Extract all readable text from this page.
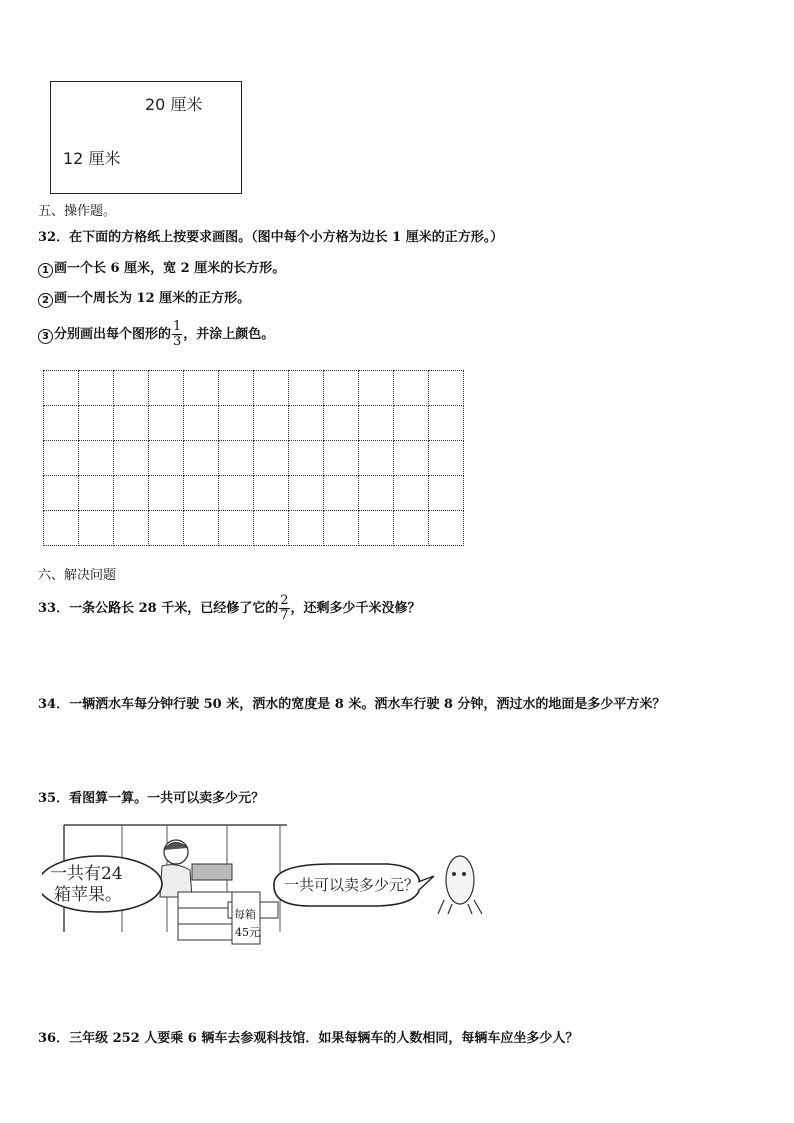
20 厘米
12 厘米
五、操作题。
32．在下面的方格纸上按要求画图。（图中每个小方格为边长 1 厘米的正方形。）
1 画一个长 6 厘米，宽 2 厘米的长方形。
2 画一个周长为 12 厘米的正方形。
3 分别画出每个图形的 $\frac{1}{3}$ ，并涂上颜色。

六、解决问题
33．一条公路长 28 千米，已经修了它的 $\frac{2}{7}$ ，还剩多少千米没修？
34．一辆洒水车每分钟行驶 50 米，洒水的宽度是 8 米。洒水车行驶 8 分钟，洒过水的地面是多少平方米？
35．看图算一算。一共可以卖多少元？
一共有24
箱苹果。	一共可以卖多少元？
每箱
45元
36．三年级 252 人要乘 6 辆车去参观科技馆．如果每辆车的人数相同，每辆车应坐多少人？
